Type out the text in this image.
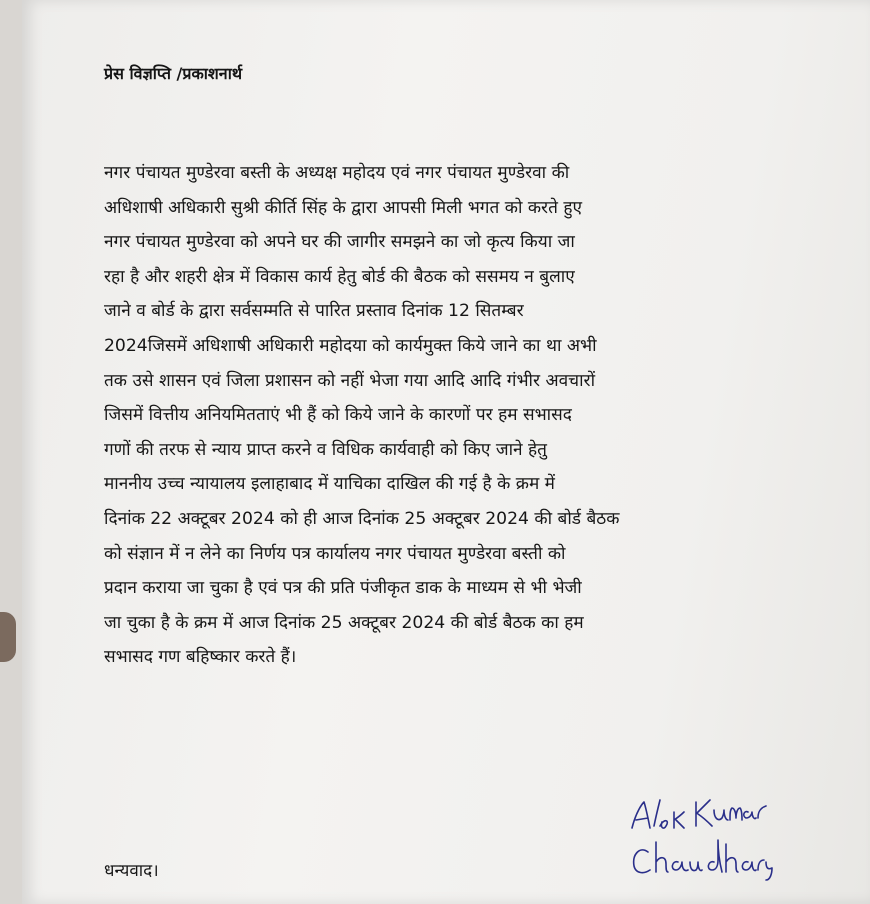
प्रेस विज्ञप्ति /प्रकाशनार्थ
नगर पंचायत मुण्डेरवा बस्ती के अध्यक्ष महोदय एवं नगर पंचायत मुण्डेरवा की
अधिशाषी अधिकारी सुश्री कीर्ति सिंह के द्वारा आपसी मिली भगत को करते हुए
नगर पंचायत मुण्डेरवा को अपने घर की जागीर समझने का जो कृत्य किया जा
रहा है और शहरी क्षेत्र में विकास कार्य हेतु बोर्ड की बैठक को ससमय न बुलाए
जाने व बोर्ड के द्वारा सर्वसम्मति से पारित प्रस्ताव दिनांक 12 सितम्बर
2024जिसमें अधिशाषी अधिकारी महोदया को कार्यमुक्त किये जाने का था अभी
तक उसे शासन एवं जिला प्रशासन को नहीं भेजा गया आदि आदि गंभीर अवचारों
जिसमें वित्तीय अनियमितताएं भी हैं को किये जाने के कारणों पर हम सभासद
गणों की तरफ से न्याय प्राप्त करने व विधिक कार्यवाही को किए जाने हेतु
माननीय उच्च न्यायालय इलाहाबाद में याचिका दाखिल की गई है के क्रम में
दिनांक 22 अक्टूबर 2024 को ही आज दिनांक 25 अक्टूबर 2024 की बोर्ड बैठक
को संज्ञान में न लेने का निर्णय पत्र कार्यालय नगर पंचायत मुण्डेरवा बस्ती को
प्रदान कराया जा चुका है एवं पत्र की प्रति पंजीकृत डाक के माध्यम से भी भेजी
जा चुका है के क्रम में आज दिनांक 25 अक्टूबर 2024 की बोर्ड बैठक का हम
सभासद गण बहिष्कार करते हैं।
धन्यवाद।
